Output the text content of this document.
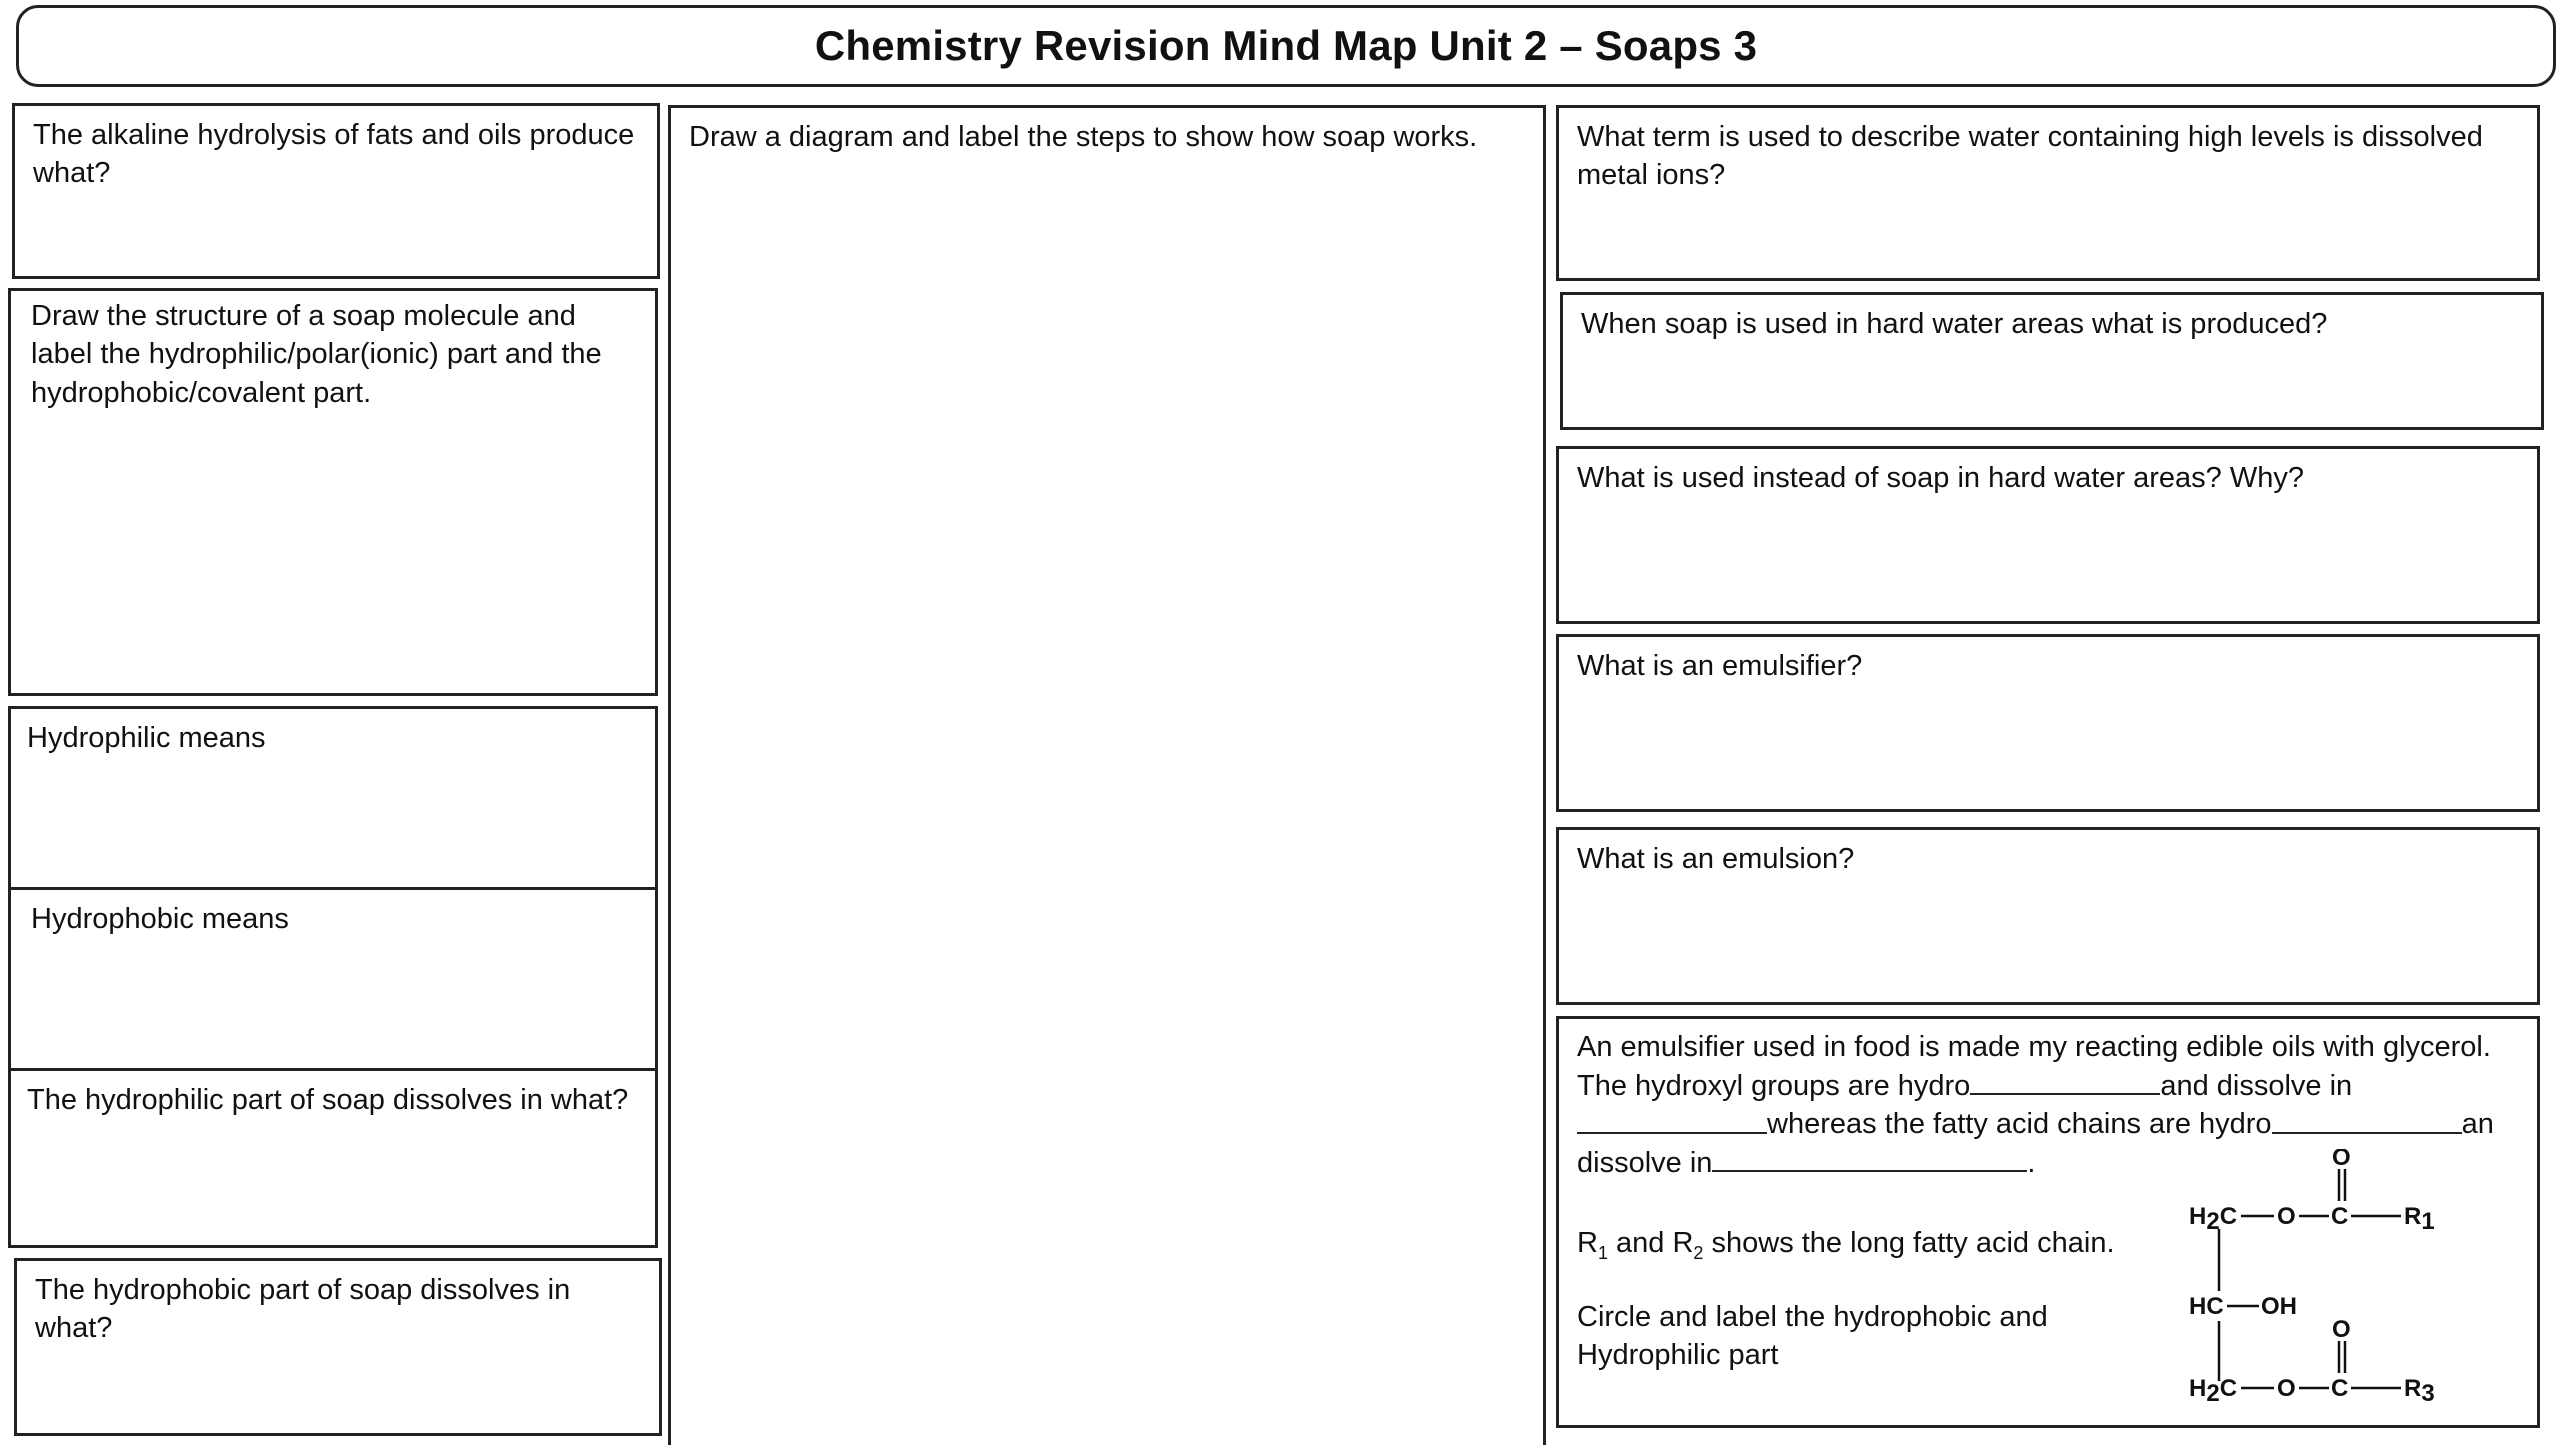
Chemistry Revision Mind Map Unit 2 – Soaps 3
The alkaline hydrolysis of fats and oils produce what?
Draw the structure of a soap molecule and label the hydrophilic/polar(ionic) part and the hydrophobic/covalent part.
Hydrophilic means
Hydrophobic means
The hydrophilic part of soap dissolves in what?
The hydrophobic part of soap dissolves in what?
Draw a diagram and label the steps to show how soap works.	What term is used to describe water containing high levels is dissolved metal ions?
When soap is used in hard water areas what is produced?
What is used instead of soap in hard water areas? Why?
What is an emulsifier?
What is an emulsion?
An emulsifier used in food is made my reacting edible oils with glycerol.
The hydroxyl groups are hydro	and dissolve in
whereas the fatty acid chains are hydro	an
dissolve in	.
$R_1$ and $R_2$ shows the long fatty acid chain.
Circle and label the hydrophobic and
Hydrophilic part
H2C O C
O
R1
HC OH
H2C O C
O
R3
